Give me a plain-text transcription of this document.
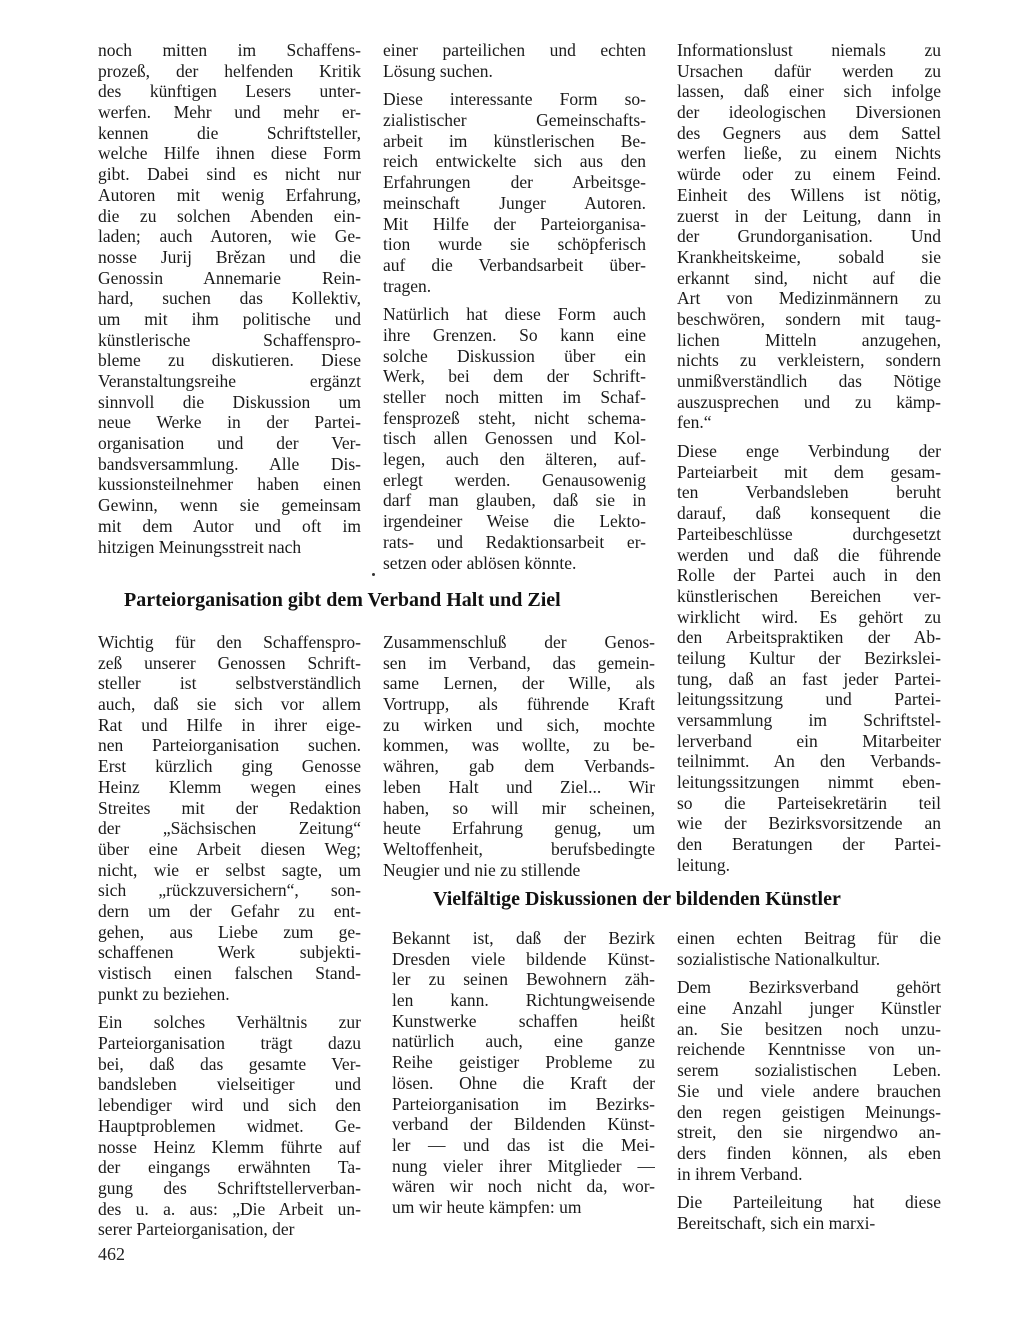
noch mitten im Schaffens-
prozeß, der helfenden Kritik
des künftigen Lesers unter-
werfen. Mehr und mehr er-
kennen die Schriftsteller,
welche Hilfe ihnen diese Form
gibt. Dabei sind es nicht nur
Autoren mit wenig Erfahrung,
die zu solchen Abenden ein-
laden; auch Autoren, wie Ge-
nosse Jurij Brězan und die
Genossin Annemarie Rein-
hard, suchen das Kollektiv,
um mit ihm politische und
künstlerische Schaffenspro-
bleme zu diskutieren. Diese
Veranstaltungsreihe ergänzt
sinnvoll die Diskussion um
neue Werke in der Partei-
organisation und der Ver-
bandsversammlung. Alle Dis-
kussionsteilnehmer haben einen
Gewinn, wenn sie gemeinsam
mit dem Autor und oft im
hitzigen Meinungsstreit nach
einer parteilichen und echten
Lösung suchen.
Diese interessante Form so-
zialistischer Gemeinschafts-
arbeit im künstlerischen Be-
reich entwickelte sich aus den
Erfahrungen der Arbeitsge-
meinschaft Junger Autoren.
Mit Hilfe der Parteiorganisa-
tion wurde sie schöpferisch
auf die Verbandsarbeit über-
tragen.
Natürlich hat diese Form auch
ihre Grenzen. So kann eine
solche Diskussion über ein
Werk, bei dem der Schrift-
steller noch mitten im Schaf-
fensprozeß steht, nicht schema-
tisch allen Genossen und Kol-
legen, auch den älteren, auf-
erlegt werden. Genausowenig
darf man glauben, daß sie in
irgendeiner Weise die Lekto-
rats- und Redaktionsarbeit er-
setzen oder ablösen könnte.
Informationslust niemals zu
Ursachen dafür werden zu
lassen, daß einer sich infolge
der ideologischen Diversionen
des Gegners aus dem Sattel
werfen ließe, zu einem Nichts
würde oder zu einem Feind.
Einheit des Willens ist nötig,
zuerst in der Leitung, dann in
der Grundorganisation. Und
Krankheitskeime, sobald sie
erkannt sind, nicht auf die
Art von Medizinmännern zu
beschwören, sondern mit taug-
lichen Mitteln anzugehen,
nichts zu verkleistern, sondern
unmißverständlich das Nötige
auszusprechen und zu kämp-
fen.“
Diese enge Verbindung der
Parteiarbeit mit dem gesam-
ten Verbandsleben beruht
darauf, daß konsequent die
Parteibeschlüsse durchgesetzt
werden und daß die führende
Rolle der Partei auch in den
künstlerischen Bereichen ver-
wirklicht wird. Es gehört zu
den Arbeitspraktiken der Ab-
teilung Kultur der Bezirkslei-
tung, daß an fast jeder Partei-
leitungssitzung und Partei-
versammlung im Schriftstel-
lerverband ein Mitarbeiter
teilnimmt. An den Verbands-
leitungssitzungen nimmt eben-
so die Parteisekretärin teil
wie der Bezirksvorsitzende an
den Beratungen der Partei-
leitung.
Wichtig für den Schaffenspro-
zeß unserer Genossen Schrift-
steller ist selbstverständlich
auch, daß sie sich vor allem
Rat und Hilfe in ihrer eige-
nen Parteiorganisation suchen.
Erst kürzlich ging Genosse
Heinz Klemm wegen eines
Streites mit der Redaktion
der „Sächsischen Zeitung“
über eine Arbeit diesen Weg;
nicht, wie er selbst sagte, um
sich „rückzuversichern“, son-
dern um der Gefahr zu ent-
gehen, aus Liebe zum ge-
schaffenen Werk subjekti-
vistisch einen falschen Stand-
punkt zu beziehen.
Ein solches Verhältnis zur
Parteiorganisation trägt dazu
bei, daß das gesamte Ver-
bandsleben vielseitiger und
lebendiger wird und sich den
Hauptproblemen widmet. Ge-
nosse Heinz Klemm führte auf
der eingangs erwähnten Ta-
gung des Schriftstellerverban-
des u. a. aus: „Die Arbeit un-
serer Parteiorganisation, der
Zusammenschluß der Genos-
sen im Verband, das gemein-
same Lernen, der Wille, als
Vortrupp, als führende Kraft
zu wirken und sich, mochte
kommen, was wollte, zu be-
währen, gab dem Verbands-
leben Halt und Ziel... Wir
haben, so will mir scheinen,
heute Erfahrung genug, um
Weltoffenheit, berufsbedingte
Neugier und nie zu stillende
Bekannt ist, daß der Bezirk
Dresden viele bildende Künst-
ler zu seinen Bewohnern zäh-
len kann. Richtungweisende
Kunstwerke schaffen heißt
natürlich auch, eine ganze
Reihe geistiger Probleme zu
lösen. Ohne die Kraft der
Parteiorganisation im Bezirks-
verband der Bildenden Künst-
ler — und das ist die Mei-
nung vieler ihrer Mitglieder —
wären wir noch nicht da, wor-
um wir heute kämpfen: um
einen echten Beitrag für die
sozialistische Nationalkultur.
Dem Bezirksverband gehört
eine Anzahl junger Künstler
an. Sie besitzen noch unzu-
reichende Kenntnisse von un-
serem sozialistischen Leben.
Sie und viele andere brauchen
den regen geistigen Meinungs-
streit, den sie nirgendwo an-
ders finden können, als eben
in ihrem Verband.
Die Parteileitung hat diese
Bereitschaft, sich ein marxi-
Parteiorganisation gibt dem Verband Halt und Ziel
Vielfältige Diskussionen der bildenden Künstler
462
